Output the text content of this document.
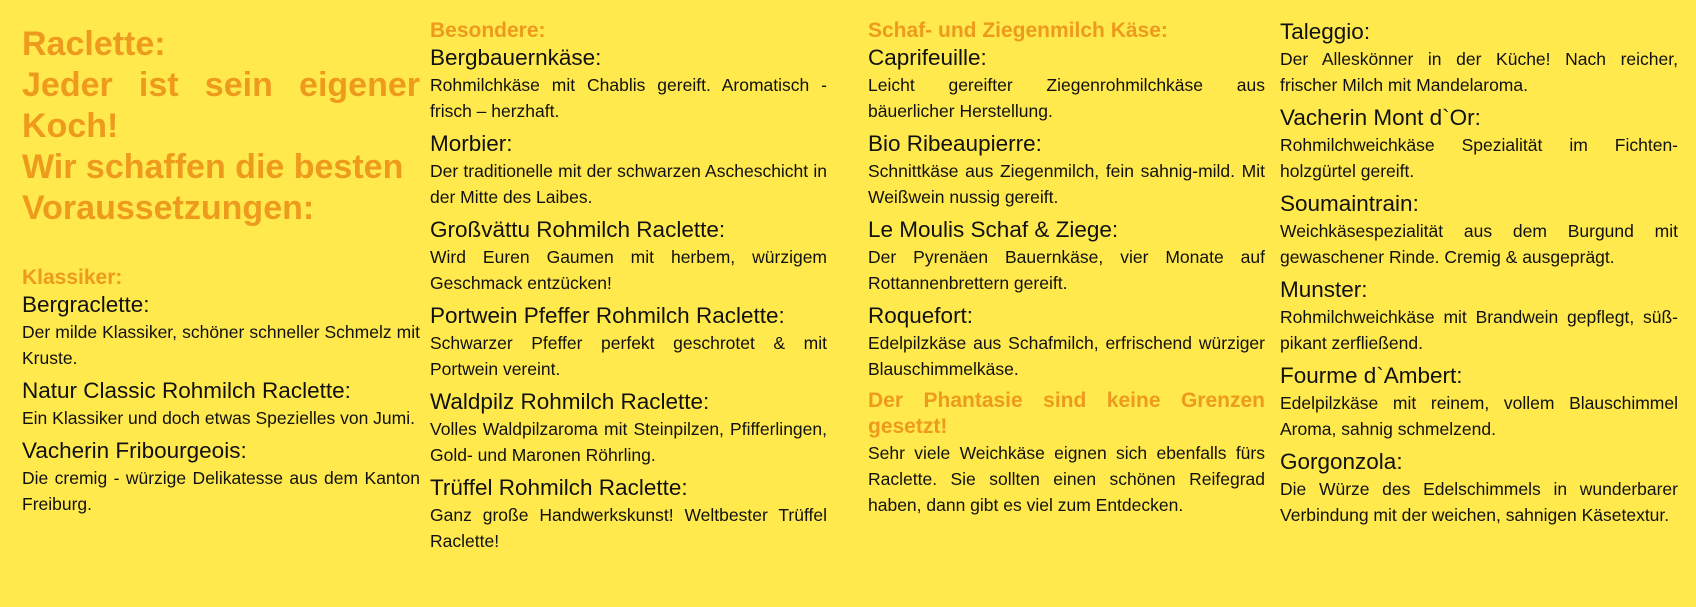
Raclette:
Jeder ist sein eigener
Koch!
Wir schaffen die besten
Voraussetzungen:
Klassiker:
Bergraclette:
Der milde Klassiker, schöner schneller Schmelz mit Kruste.
Natur Classic Rohmilch Raclette:
Ein Klassiker und doch etwas Spezielles von Jumi.
Vacherin Fribourgeois:
Die cremig - würzige Delikatesse aus dem Kanton Freiburg.
Besondere:
Bergbauernkäse:
Rohmilchkäse mit Chablis gereift. Aromatisch - frisch – herzhaft.
Morbier:
Der traditionelle mit der schwarzen Ascheschicht in der Mitte des Laibes.
Großvättu Rohmilch Raclette:
Wird Euren Gaumen mit herbem, würzigem Geschmack entzücken!
Portwein Pfeffer Rohmilch Raclette:
Schwarzer Pfeffer perfekt geschrotet & mit Portwein vereint.
Waldpilz Rohmilch Raclette:
Volles Waldpilzaroma mit Steinpilzen, Pfifferlingen, Gold- und Maronen Röhrling.
Trüffel Rohmilch Raclette:
Ganz große Handwerkskunst! Weltbester Trüffel Raclette!
Schaf- und Ziegenmilch Käse:
Caprifeuille:
Leicht gereifter Ziegenrohmilchkäse aus bäuerlicher Herstellung.
Bio Ribeaupierre:
Schnittkäse aus Ziegenmilch, fein sahnig-mild. Mit Weißwein nussig gereift.
Le Moulis Schaf & Ziege:
Der Pyrenäen Bauernkäse, vier Monate auf Rottannenbrettern gereift.
Roquefort:
Edelpilzkäse aus Schafmilch, erfrischend würziger Blauschimmelkäse.
Der Phantasie sind keine Grenzen gesetzt!
Sehr viele Weichkäse eignen sich ebenfalls fürs Raclette. Sie sollten einen schönen Reifegrad haben, dann gibt es viel zum Entdecken.
Taleggio:
Der Alleskönner in der Küche! Nach reicher, frischer Milch mit Mandelaroma.
Vacherin Mont d`Or:
Rohmilchweichkäse Spezialität im Fichten-holzgürtel gereift.
Soumaintrain:
Weichkäsespezialität aus dem Burgund mit gewaschener Rinde. Cremig & ausgeprägt.
Munster:
Rohmilchweichkäse mit Brandwein gepflegt, süß- pikant zerfließend.
Fourme d`Ambert:
Edelpilzkäse mit reinem, vollem Blauschimmel Aroma, sahnig schmelzend.
Gorgonzola:
Die Würze des Edelschimmels in wunderbarer Verbindung mit der weichen, sahnigen Käsetextur.
